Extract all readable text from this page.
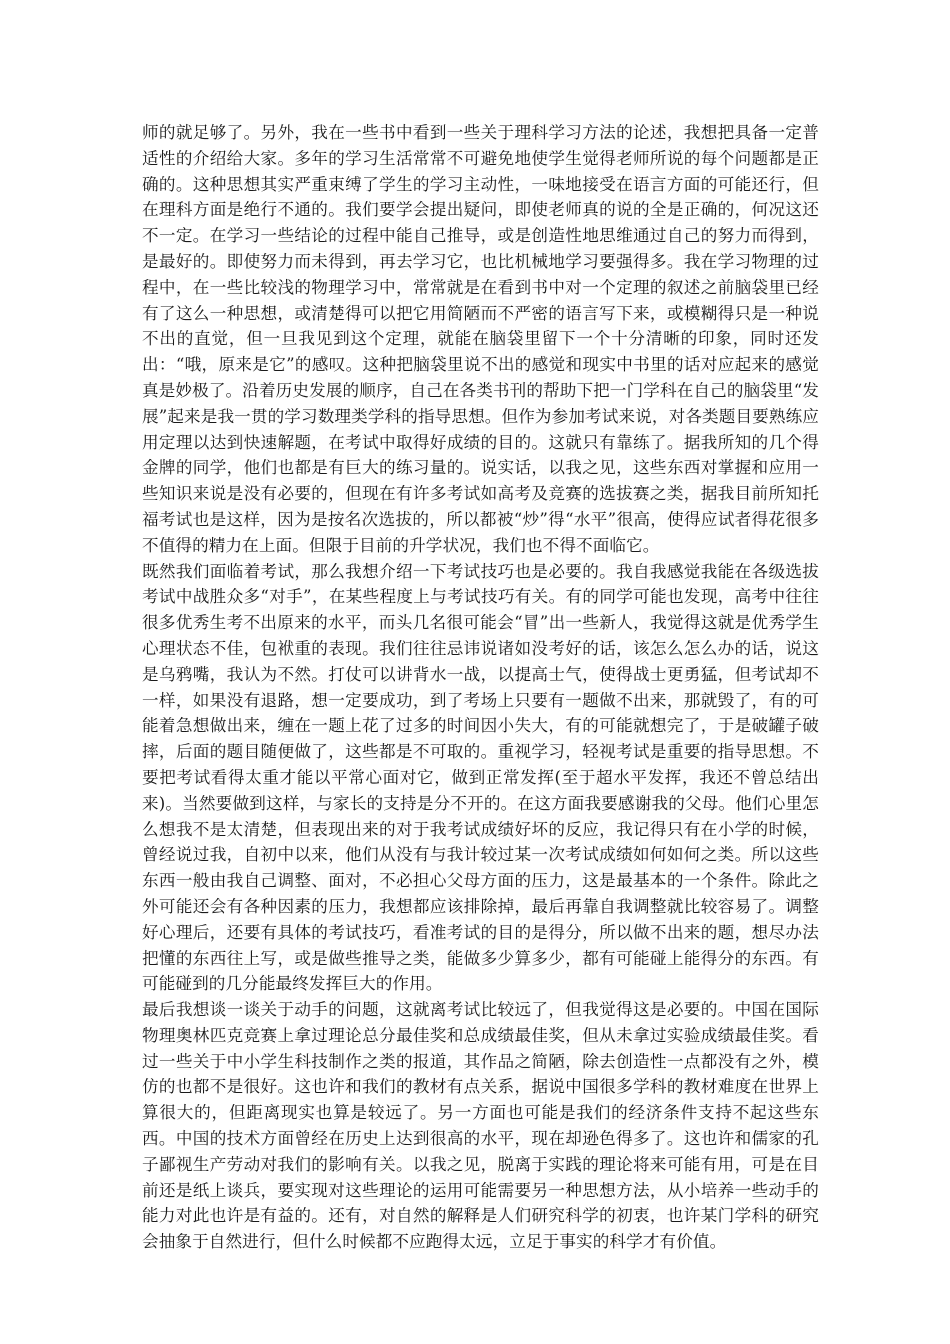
师的就足够了。另外，我在一些书中看到一些关于理科学习方法的论述，我想把具备一定普适性的介绍给大家。多年的学习生活常常不可避免地使学生觉得老师所说的每个问题都是正确的。这种思想其实严重束缚了学生的学习主动性，一味地接受在语言方面的可能还行，但在理科方面是绝行不通的。我们要学会提出疑问，即使老师真的说的全是正确的，何况这还不一定。在学习一些结论的过程中能自己推导，或是创造性地思维通过自己的努力而得到，是最好的。即使努力而未得到，再去学习它，也比机械地学习要强得多。我在学习物理的过程中，在一些比较浅的物理学习中，常常就是在看到书中对一个定理的叙述之前脑袋里已经有了这么一种思想，或清楚得可以把它用简陋而不严密的语言写下来，或模糊得只是一种说不出的直觉，但一旦我见到这个定理，就能在脑袋里留下一个十分清晰的印象，同时还发出：“哦，原来是它”的感叹。这种把脑袋里说不出的感觉和现实中书里的话对应起来的感觉真是妙极了。沿着历史发展的顺序，自己在各类书刊的帮助下把一门学科在自己的脑袋里“发展”起来是我一贯的学习数理类学科的指导思想。但作为参加考试来说，对各类题目要熟练应用定理以达到快速解题，在考试中取得好成绩的目的。这就只有靠练了。据我所知的几个得金牌的同学，他们也都是有巨大的练习量的。说实话，以我之见，这些东西对掌握和应用一些知识来说是没有必要的，但现在有许多考试如高考及竞赛的选拔赛之类，据我目前所知托福考试也是这样，因为是按名次选拔的，所以都被“炒”得“水平”很高，使得应试者得花很多不值得的精力在上面。但限于目前的升学状况，我们也不得不面临它。

既然我们面临着考试，那么我想介绍一下考试技巧也是必要的。我自我感觉我能在各级选拔考试中战胜众多“对手”，在某些程度上与考试技巧有关。有的同学可能也发现，高考中往往很多优秀生考不出原来的水平，而头几名很可能会“冒”出一些新人，我觉得这就是优秀学生心理状态不佳，包袱重的表现。我们往往忌讳说诸如没考好的话，该怎么怎么办的话，说这是乌鸦嘴，我认为不然。打仗可以讲背水一战，以提高士气，使得战士更勇猛，但考试却不一样，如果没有退路，想一定要成功，到了考场上只要有一题做不出来，那就毁了，有的可能着急想做出来，缠在一题上花了过多的时间因小失大，有的可能就想完了，于是破罐子破摔，后面的题目随便做了，这些都是不可取的。重视学习，轻视考试是重要的指导思想。不要把考试看得太重才能以平常心面对它，做到正常发挥(至于超水平发挥，我还不曾总结出来)。当然要做到这样，与家长的支持是分不开的。在这方面我要感谢我的父母。他们心里怎么想我不是太清楚，但表现出来的对于我考试成绩好坏的反应，我记得只有在小学的时候，曾经说过我，自初中以来，他们从没有与我计较过某一次考试成绩如何如何之类。所以这些东西一般由我自己调整、面对，不必担心父母方面的压力，这是最基本的一个条件。除此之外可能还会有各种因素的压力，我想都应该排除掉，最后再靠自我调整就比较容易了。调整好心理后，还要有具体的考试技巧，看准考试的目的是得分，所以做不出来的题，想尽办法把懂的东西往上写，或是做些推导之类，能做多少算多少，都有可能碰上能得分的东西。有可能碰到的几分能最终发挥巨大的作用。

最后我想谈一谈关于动手的问题，这就离考试比较远了，但我觉得这是必要的。中国在国际物理奥林匹克竞赛上拿过理论总分最佳奖和总成绩最佳奖，但从未拿过实验成绩最佳奖。看过一些关于中小学生科技制作之类的报道，其作品之简陋，除去创造性一点都没有之外，模仿的也都不是很好。这也许和我们的教材有点关系，据说中国很多学科的教材难度在世界上算很大的，但距离现实也算是较远了。另一方面也可能是我们的经济条件支持不起这些东西。中国的技术方面曾经在历史上达到很高的水平，现在却逊色得多了。这也许和儒家的孔子鄙视生产劳动对我们的影响有关。以我之见，脱离于实践的理论将来可能有用，可是在目前还是纸上谈兵，要实现对这些理论的运用可能需要另一种思想方法，从小培养一些动手的能力对此也许是有益的。还有，对自然的解释是人们研究科学的初衷，也许某门学科的研究会抽象于自然进行，但什么时候都不应跑得太远，立足于事实的科学才有价值。
